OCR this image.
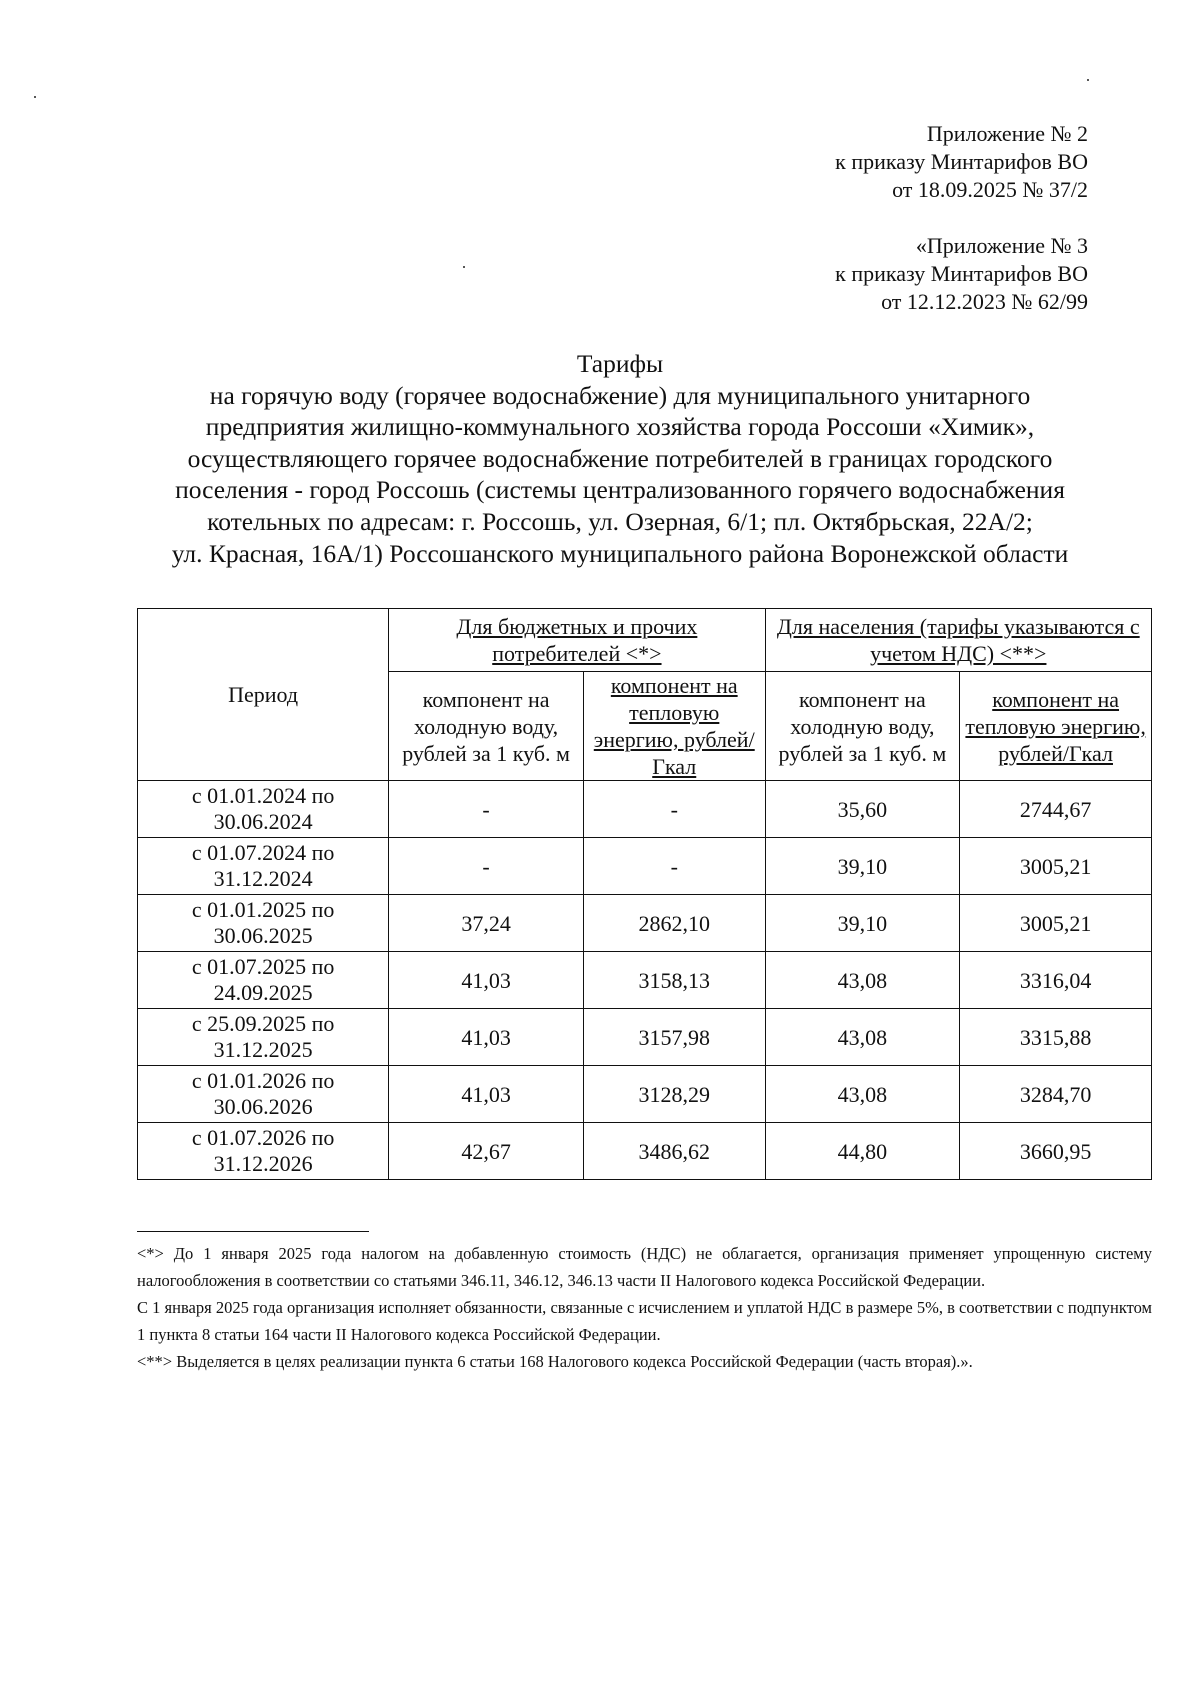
Приложение № 2
к приказу Минтарифов ВО
от 18.09.2025 № 37/2
«Приложение № 3
к приказу Минтарифов ВО
от 12.12.2023 № 62/99
Тарифы
на горячую воду (горячее водоснабжение) для муниципального унитарного
предприятия жилищно-коммунального хозяйства города Россоши «Химик»,
осуществляющего горячее водоснабжение потребителей в границах городского
поселения - город Россошь (системы централизованного горячего водоснабжения
котельных по адресам: г. Россошь, ул. Озерная, 6/1; пл. Октябрьская, 22А/2;
ул. Красная, 16А/1) Россошанского муниципального района Воронежской области
Период	Для бюджетных и прочих потребителей <*>		Для населения (тарифы указываются с учетом НДС) <**>	
	компонент на холодную воду, рублей за 1 куб. м	компонент на тепловую энергию, рублей/Гкал	компонент на холодную воду, рублей за 1 куб. м	компонент на тепловую энергию, рублей/Гкал
с 01.01.2024 по 30.06.2024	-	-	35,60	2744,67
с 01.07.2024 по 31.12.2024	-	-	39,10	3005,21
с 01.01.2025 по 30.06.2025	37,24	2862,10	39,10	3005,21
с 01.07.2025 по 24.09.2025	41,03	3158,13	43,08	3316,04
с 25.09.2025 по 31.12.2025	41,03	3157,98	43,08	3315,88
с 01.01.2026 по 30.06.2026	41,03	3128,29	43,08	3284,70
с 01.07.2026 по 31.12.2026	42,67	3486,62	44,80	3660,95

<*> До 1 января 2025 года налогом на добавленную стоимость (НДС) не облагается, организация применяет упрощенную систему налогообложения в соответствии со статьями 346.11, 346.12, 346.13 части II Налогового кодекса Российской Федерации.

С 1 января 2025 года организация исполняет обязанности, связанные с исчислением и уплатой НДС в размере 5%, в соответствии с подпунктом 1 пункта 8 статьи 164 части II Налогового кодекса Российской Федерации.

<**> Выделяется в целях реализации пункта 6 статьи 168 Налогового кодекса Российской Федерации (часть вторая).».
